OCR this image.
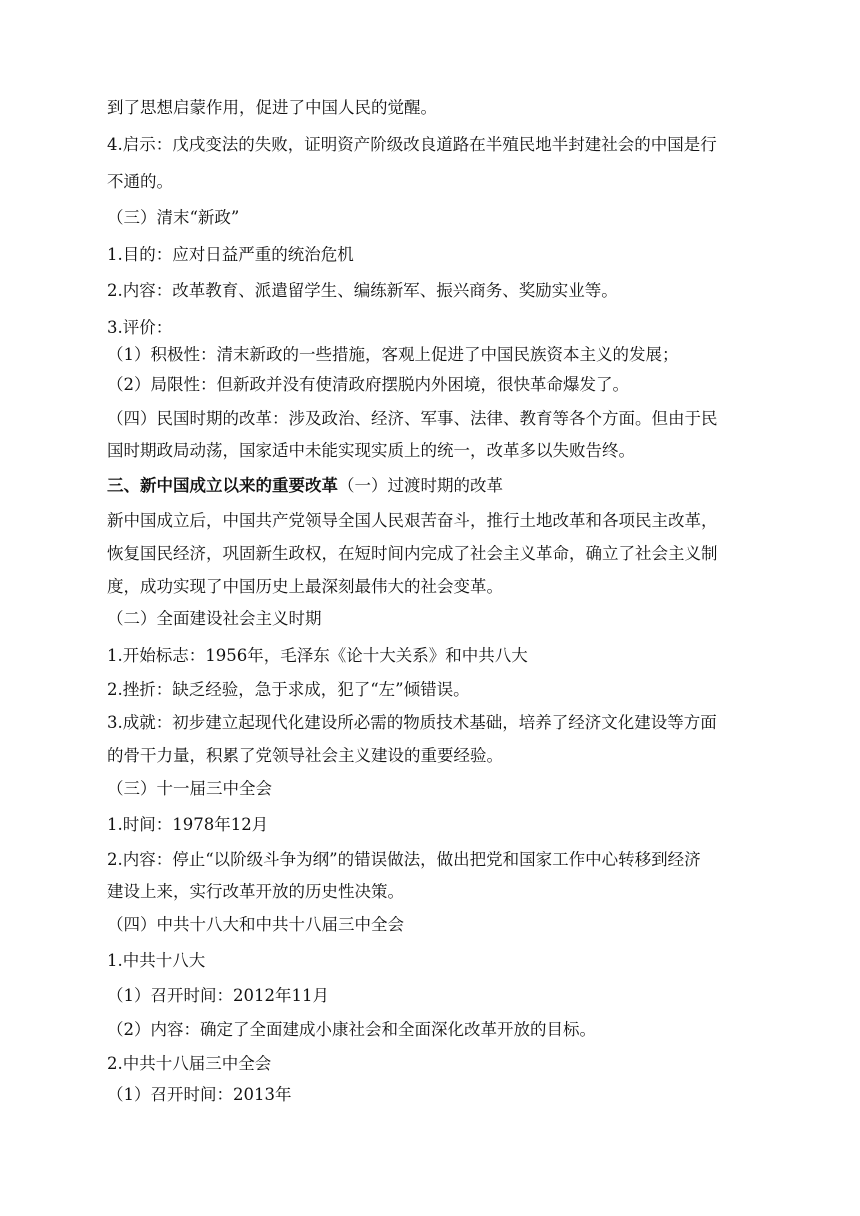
到了思想启蒙作用，促进了中国人民的觉醒。
4.启示：戊戌变法的失败，证明资产阶级改良道路在半殖民地半封建社会的中国是行
不通的。
（三）清末“新政”
1.目的：应对日益严重的统治危机
2.内容：改革教育、派遣留学生、编练新军、振兴商务、奖励实业等。
3.评价：
（1）积极性：清末新政的一些措施，客观上促进了中国民族资本主义的发展；
（2）局限性：但新政并没有使清政府摆脱内外困境，很快革命爆发了。
（四）民国时期的改革：涉及政治、经济、军事、法律、教育等各个方面。但由于民
国时期政局动荡，国家适中未能实现实质上的统一，改革多以失败告终。
三、新中国成立以来的重要改革（一）过渡时期的改革
新中国成立后，中国共产党领导全国人民艰苦奋斗，推行土地改革和各项民主改革，
恢复国民经济，巩固新生政权，在短时间内完成了社会主义革命，确立了社会主义制
度，成功实现了中国历史上最深刻最伟大的社会变革。
（二）全面建设社会主义时期
1.开始标志：1956年，毛泽东《论十大关系》和中共八大
2.挫折：缺乏经验，急于求成，犯了“左”倾错误。
3.成就：初步建立起现代化建设所必需的物质技术基础，培养了经济文化建设等方面
的骨干力量，积累了党领导社会主义建设的重要经验。
（三）十一届三中全会
1.时间：1978年12月
2.内容：停止“以阶级斗争为纲”的错误做法，做出把党和国家工作中心转移到经济
建设上来，实行改革开放的历史性决策。
（四）中共十八大和中共十八届三中全会
1.中共十八大
（1）召开时间：2012年11月
（2）内容：确定了全面建成小康社会和全面深化改革开放的目标。
2.中共十八届三中全会
（1）召开时间：2013年
